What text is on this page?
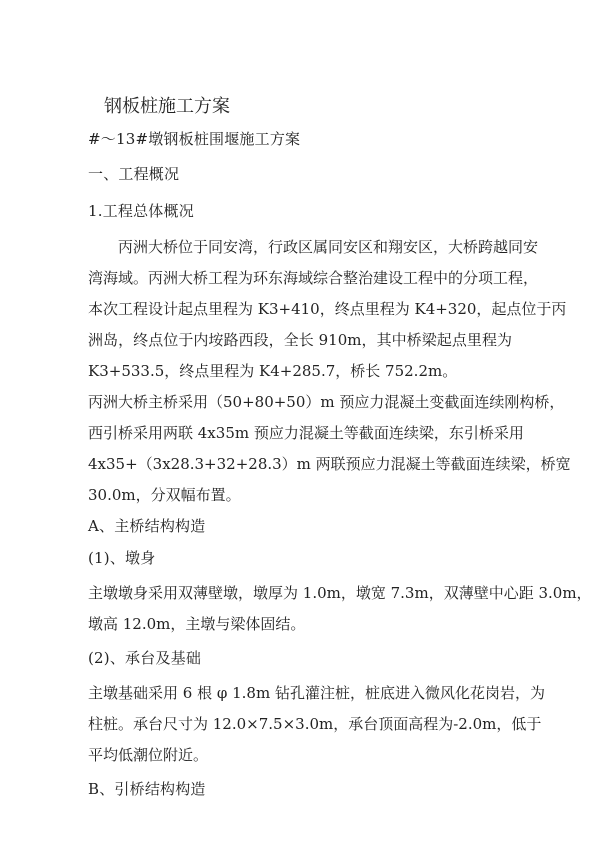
钢板桩施工方案
#～13#墩钢板桩围堰施工方案
一、工程概况
1.工程总体概况
　　丙洲大桥位于同安湾，行政区属同安区和翔安区，大桥跨越同安
湾海域。丙洲大桥工程为环东海域综合整治建设工程中的分项工程，
本次工程设计起点里程为 K3+410，终点里程为 K4+320，起点位于丙
洲岛，终点位于内垵路西段，全长 910m，其中桥梁起点里程为
K3+533.5，终点里程为 K4+285.7，桥长 752.2m。
丙洲大桥主桥采用（50+80+50）m 预应力混凝土变截面连续刚构桥，
西引桥采用两联 4x35m 预应力混凝土等截面连续梁，东引桥采用
4x35+（3x28.3+32+28.3）m 两联预应力混凝土等截面连续梁，桥宽
30.0m，分双幅布置。
A、主桥结构构造
(1)、墩身
主墩墩身采用双薄壁墩，墩厚为 1.0m，墩宽 7.3m，双薄壁中心距 3.0m，
墩高 12.0m，主墩与梁体固结。
(2)、承台及基础
主墩基础采用 6 根 φ 1.8m 钻孔灌注桩，桩底进入微风化花岗岩，为
柱桩。承台尺寸为 12.0×7.5×3.0m，承台顶面高程为-2.0m，低于
平均低潮位附近。
B、引桥结构构造
